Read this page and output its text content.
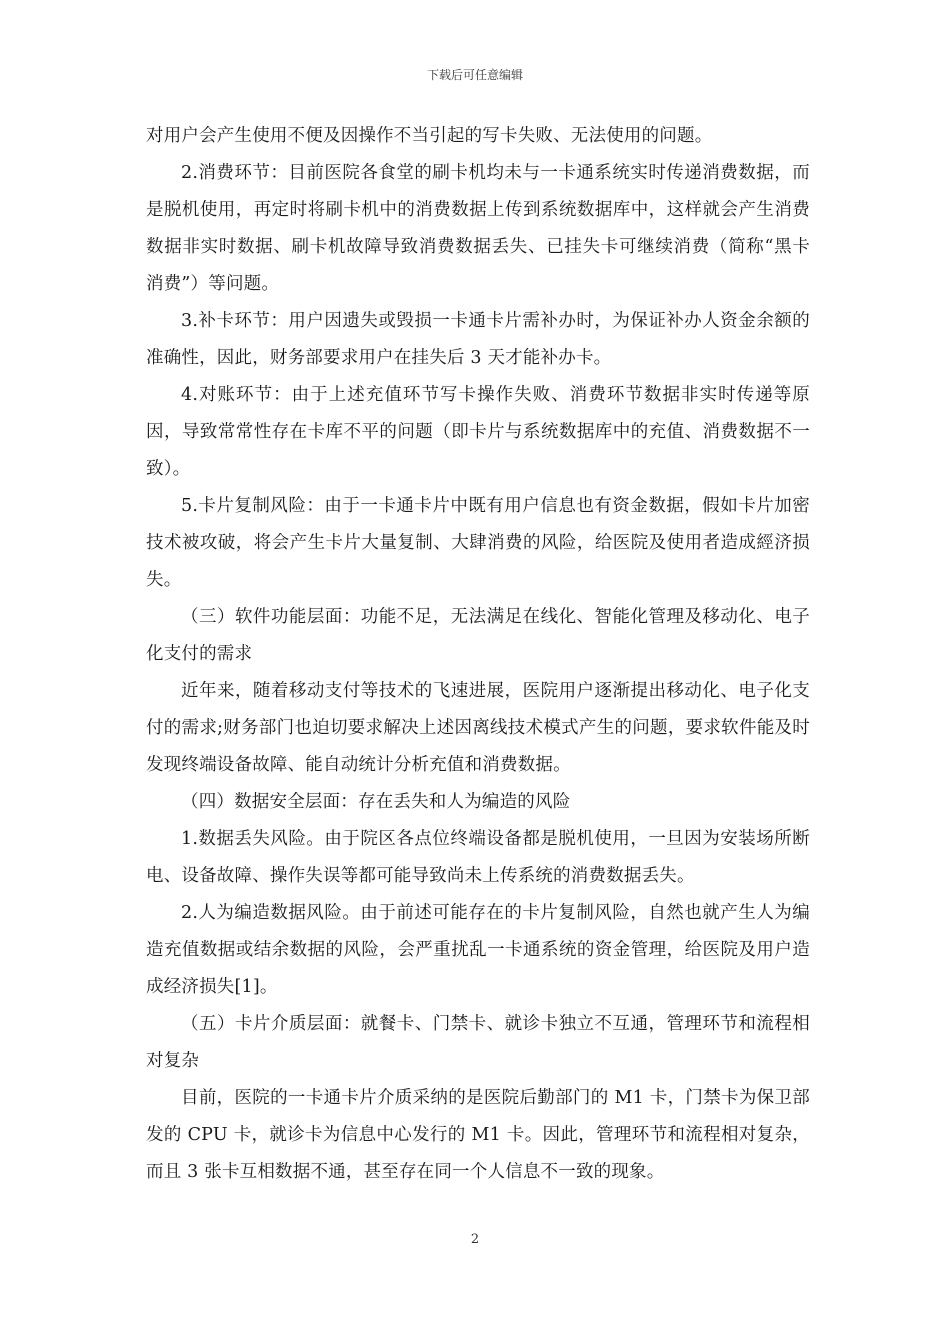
下载后可任意编辑

对用户会产生使用不便及因操作不当引起的写卡失败、无法使用的问题。

2.消费环节：目前医院各食堂的刷卡机均未与一卡通系统实时传递消费数据，而是脱机使用，再定时将刷卡机中的消费数据上传到系统数据库中，这样就会产生消费数据非实时数据、刷卡机故障导致消费数据丢失、已挂失卡可继续消费（简称“黑卡消费”）等问题。

3.补卡环节：用户因遗失或毁损一卡通卡片需补办时，为保证补办人资金余额的准确性，因此，财务部要求用户在挂失后 3 天才能补办卡。

4.对账环节：由于上述充值环节写卡操作失败、消费环节数据非实时传递等原因，导致常常性存在卡库不平的问题（即卡片与系统数据库中的充值、消费数据不一致）。

5.卡片复制风险：由于一卡通卡片中既有用户信息也有资金数据，假如卡片加密技术被攻破，将会产生卡片大量复制、大肆消费的风险，给医院及使用者造成經济损失。

（三）软件功能层面：功能不足，无法满足在线化、智能化管理及移动化、电子化支付的需求

近年来，随着移动支付等技术的飞速进展，医院用户逐渐提出移动化、电子化支付的需求;财务部门也迫切要求解决上述因离线技术模式产生的问题，要求软件能及时发现终端设备故障、能自动统计分析充值和消费数据。

（四）数据安全层面：存在丢失和人为编造的风险

1.数据丢失风险。由于院区各点位终端设备都是脱机使用，一旦因为安装场所断电、设备故障、操作失误等都可能导致尚未上传系统的消费数据丢失。

2.人为编造数据风险。由于前述可能存在的卡片复制风险，自然也就产生人为编造充值数据或结余数据的风险，会严重扰乱一卡通系统的资金管理，给医院及用户造成经济损失[1]。

（五）卡片介质层面：就餐卡、门禁卡、就诊卡独立不互通，管理环节和流程相对复杂

目前，医院的一卡通卡片介质采纳的是医院后勤部门的 M1 卡，门禁卡为保卫部发的 CPU 卡，就诊卡为信息中心发行的 M1 卡。因此，管理环节和流程相对复杂，而且 3 张卡互相数据不通，甚至存在同一个人信息不一致的现象。

2
